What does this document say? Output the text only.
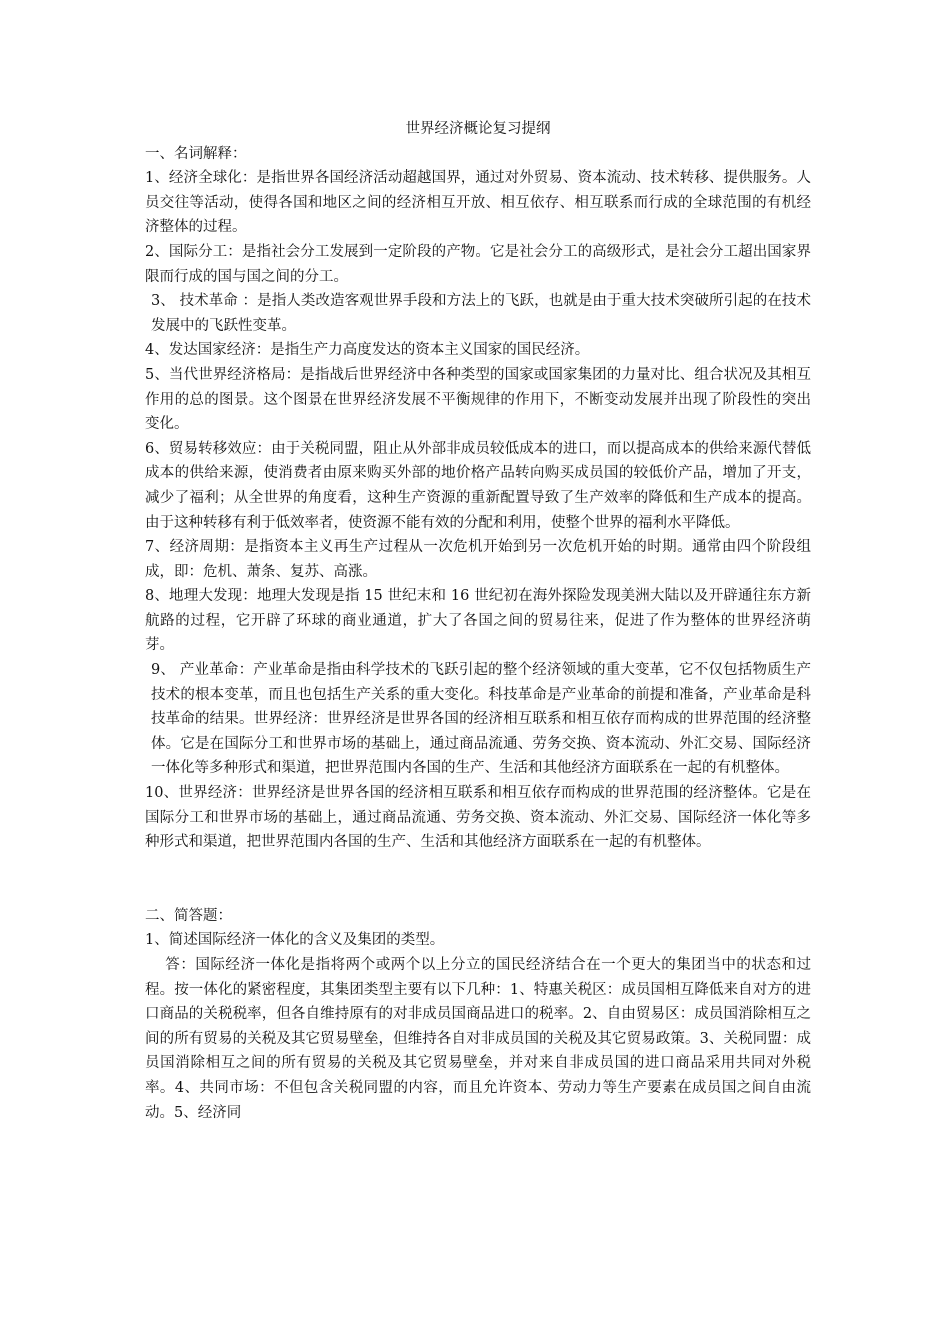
世界经济概论复习提纲

一、名词解释：

1、经济全球化：是指世界各国经济活动超越国界，通过对外贸易、资本流动、技术转移、提供服务。人员交往等活动，使得各国和地区之间的经济相互开放、相互依存、相互联系而行成的全球范围的有机经济整体的过程。

2、国际分工：是指社会分工发展到一定阶段的产物。它是社会分工的高级形式，是社会分工超出国家界限而行成的国与国之间的分工。

3、 技术革命 ：是指人类改造客观世界手段和方法上的飞跃，也就是由于重大技术突破所引起的在技术发展中的飞跃性变革。

4、发达国家经济：是指生产力高度发达的资本主义国家的国民经济。

5、当代世界经济格局：是指战后世界经济中各种类型的国家或国家集团的力量对比、组合状况及其相互作用的总的图景。这个图景在世界经济发展不平衡规律的作用下，不断变动发展并出现了阶段性的突出变化。

6、贸易转移效应：由于关税同盟，阻止从外部非成员较低成本的进口，而以提高成本的供给来源代替低成本的供给来源，使消费者由原来购买外部的地价格产品转向购买成员国的较低价产品，增加了开支，减少了福利；从全世界的角度看，这种生产资源的重新配置导致了生产效率的降低和生产成本的提高。由于这种转移有利于低效率者，使资源不能有效的分配和利用，使整个世界的福利水平降低。

7、经济周期：是指资本主义再生产过程从一次危机开始到另一次危机开始的时期。通常由四个阶段组成，即：危机、萧条、复苏、高涨。

8、地理大发现：地理大发现是指 15 世纪末和 16 世纪初在海外探险发现美洲大陆以及开辟通往东方新航路的过程，它开辟了环球的商业通道，扩大了各国之间的贸易往来，促进了作为整体的世界经济萌芽。

9、 产业革命：产业革命是指由科学技术的飞跃引起的整个经济领域的重大变革，它不仅包括物质生产技术的根本变革，而且也包括生产关系的重大变化。科技革命是产业革命的前提和准备，产业革命是科技革命的结果。世界经济：世界经济是世界各国的经济相互联系和相互依存而构成的世界范围的经济整体。它是在国际分工和世界市场的基础上，通过商品流通、劳务交换、资本流动、外汇交易、国际经济一体化等多种形式和渠道，把世界范围内各国的生产、生活和其他经济方面联系在一起的有机整体。

10、世界经济：世界经济是世界各国的经济相互联系和相互依存而构成的世界范围的经济整体。它是在国际分工和世界市场的基础上，通过商品流通、劳务交换、资本流动、外汇交易、国际经济一体化等多种形式和渠道，把世界范围内各国的生产、生活和其他经济方面联系在一起的有机整体。

二、简答题：

1、简述国际经济一体化的含义及集团的类型。

答：国际经济一体化是指将两个或两个以上分立的国民经济结合在一个更大的集团当中的状态和过程。按一体化的紧密程度，其集团类型主要有以下几种：1、特惠关税区：成员国相互降低来自对方的进口商品的关税税率，但各自维持原有的对非成员国商品进口的税率。2、自由贸易区：成员国消除相互之间的所有贸易的关税及其它贸易壁垒，但维持各自对非成员国的关税及其它贸易政策。3、关税同盟：成员国消除相互之间的所有贸易的关税及其它贸易壁垒，并对来自非成员国的进口商品采用共同对外税率。4、共同市场：不但包含关税同盟的内容，而且允许资本、劳动力等生产要素在成员国之间自由流动。5、经济同
